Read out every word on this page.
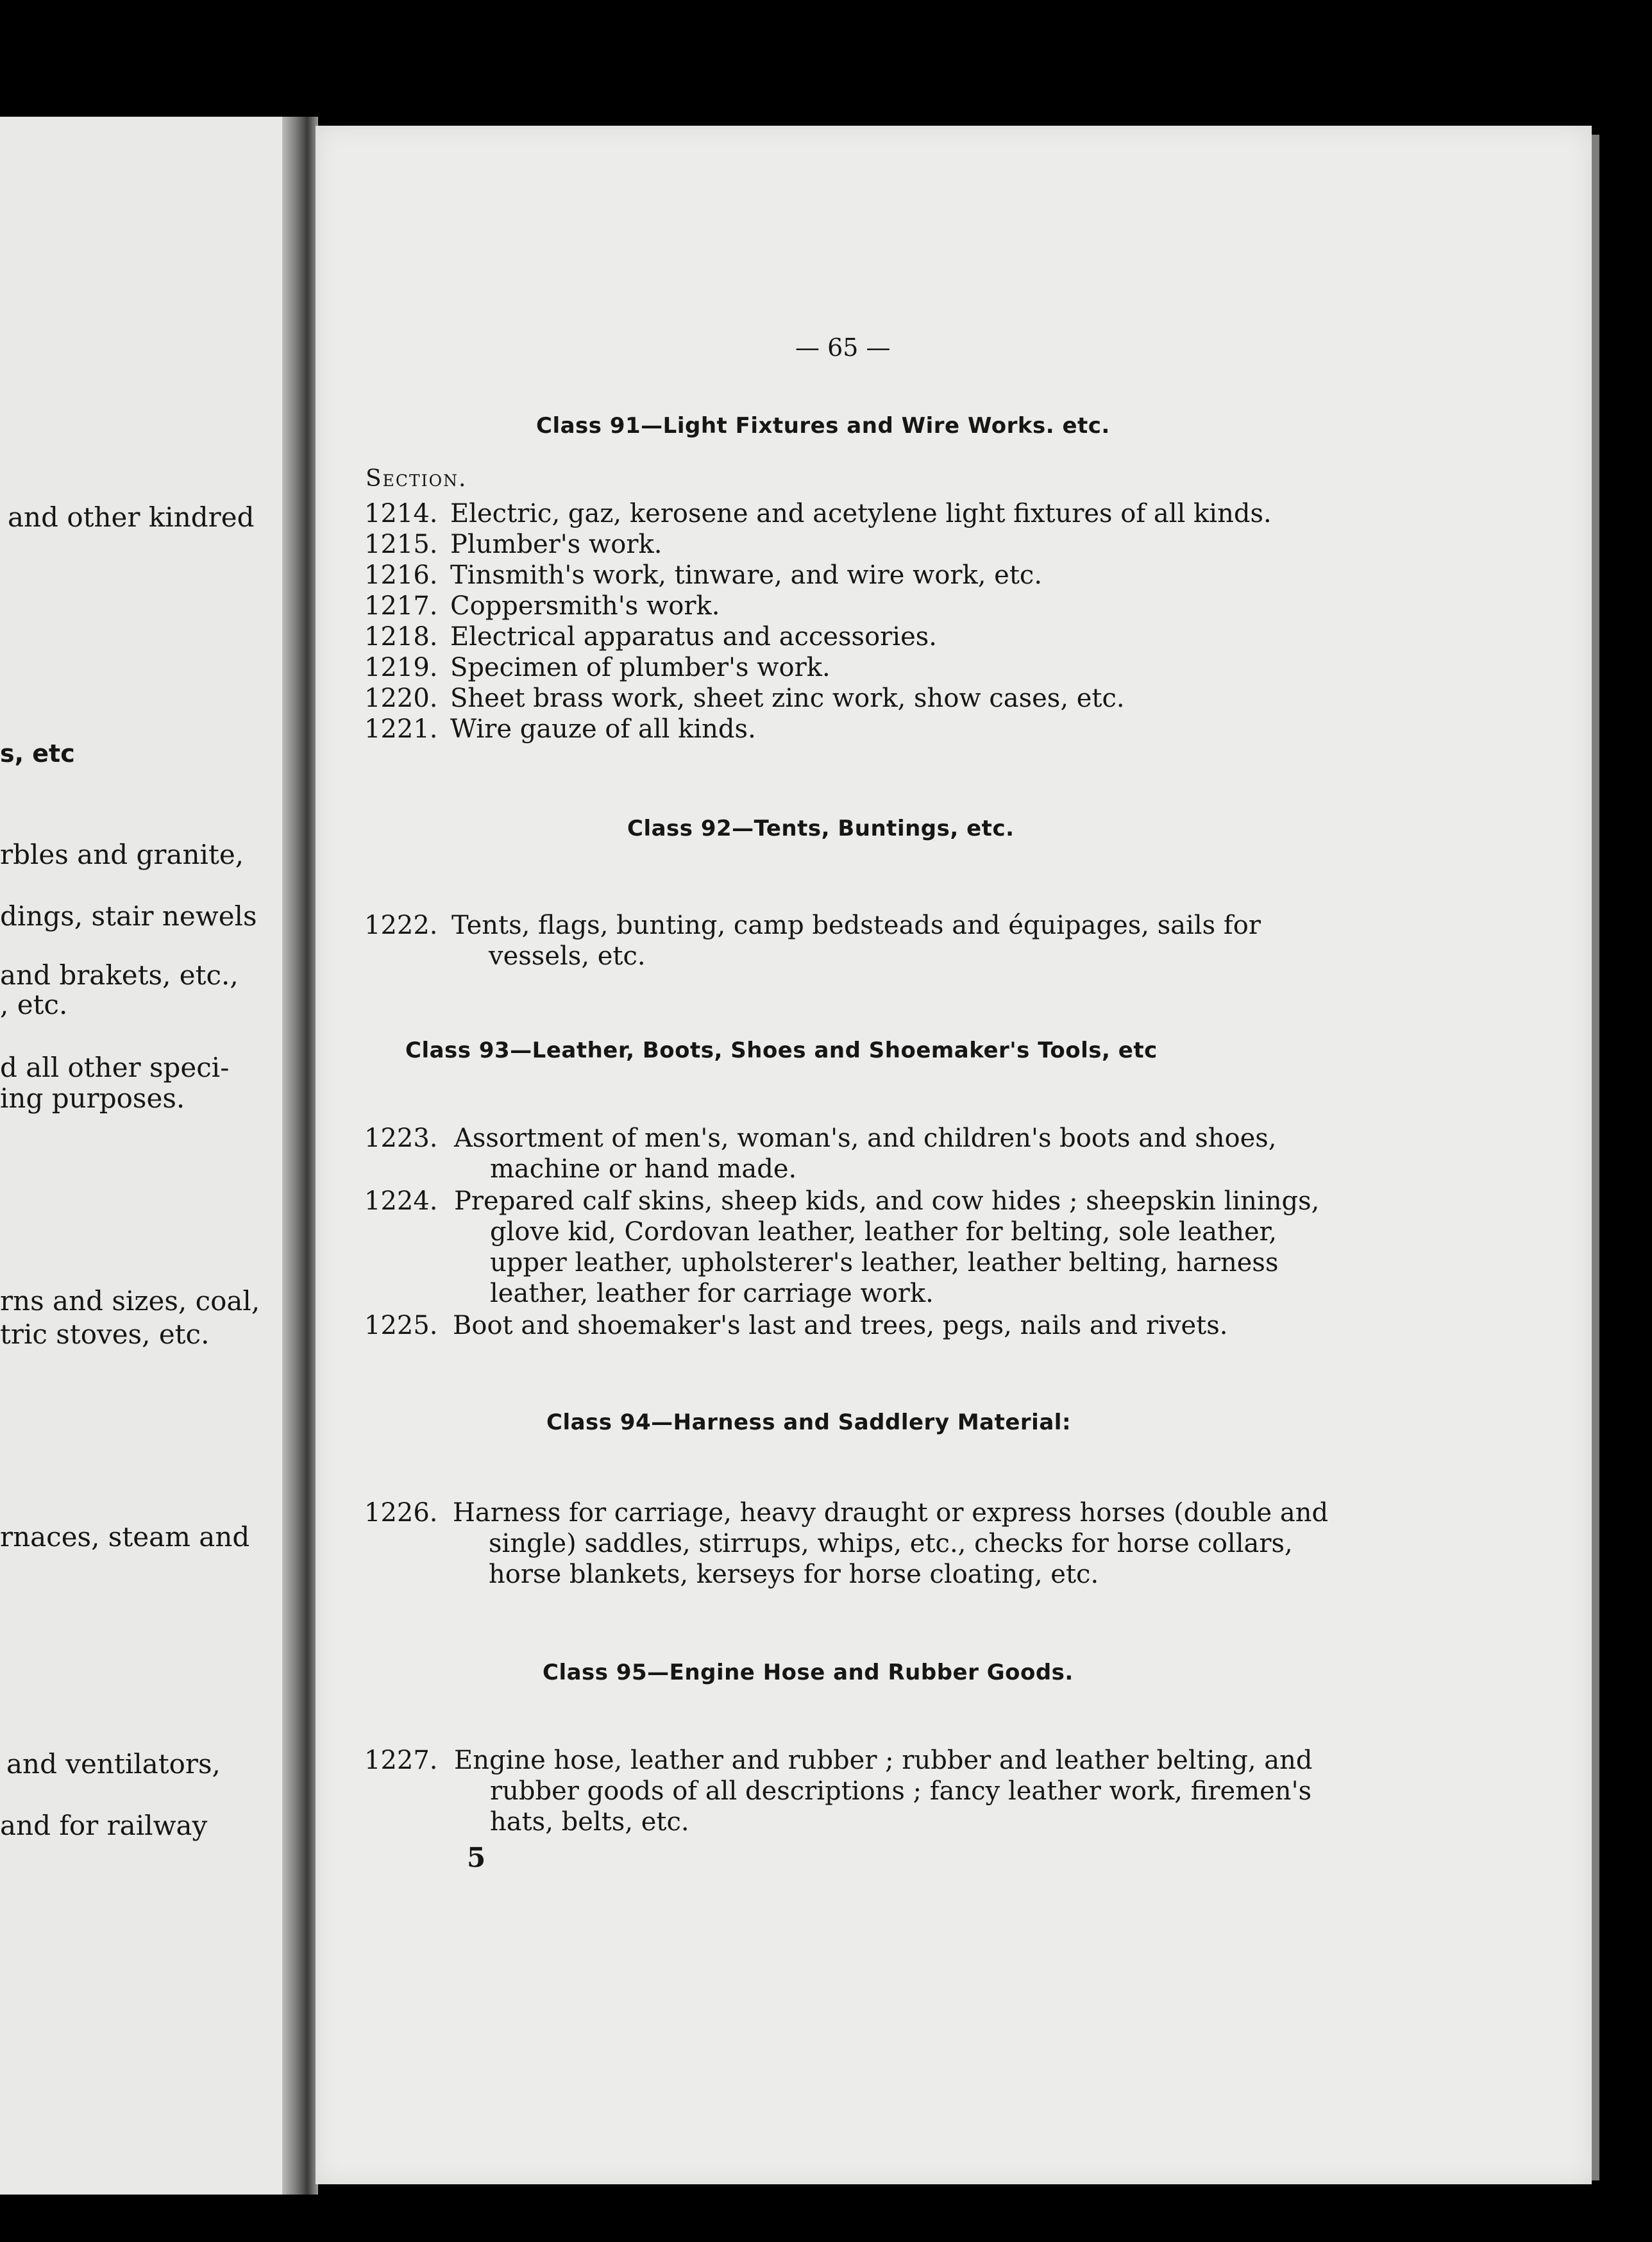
and other kindred
s, etc
rbles and granite,
dings, stair newels
and brakets, etc.,
, etc.
d all other speci-
ing purposes.
rns and sizes, coal,
tric stoves, etc.
rnaces, steam and
and ventilators,
and for railway
— 65 —
Class 91—Light Fixtures and Wire Works. etc.
Section.
1214. Electric, gaz, kerosene and acetylene light fixtures of all kinds.
1215. Plumber's work.
1216. Tinsmith's work, tinware, and wire work, etc.
1217. Coppersmith's work.
1218. Electrical apparatus and accessories.
1219. Specimen of plumber's work.
1220. Sheet brass work, sheet zinc work, show cases, etc.
1221. Wire gauze of all kinds.
Class 92—Tents, Buntings, etc.
1222. Tents, flags, bunting, camp bedsteads and équipages, sails for
vessels, etc.
Class 93—Leather, Boots, Shoes and Shoemaker's Tools, etc
1223. Assortment of men's, woman's, and children's boots and shoes,
machine or hand made.
1224. Prepared calf skins, sheep kids, and cow hides ; sheepskin linings,
glove kid, Cordovan leather, leather for belting, sole leather,
upper leather, upholsterer's leather, leather belting, harness
leather, leather for carriage work.
1225. Boot and shoemaker's last and trees, pegs, nails and rivets.
Class 94—Harness and Saddlery Material:
1226. Harness for carriage, heavy draught or express horses (double and
single) saddles, stirrups, whips, etc., checks for horse collars,
horse blankets, kerseys for horse cloating, etc.
Class 95—Engine Hose and Rubber Goods.
1227. Engine hose, leather and rubber ; rubber and leather belting, and
rubber goods of all descriptions ; fancy leather work, firemen's
hats, belts, etc.
5
